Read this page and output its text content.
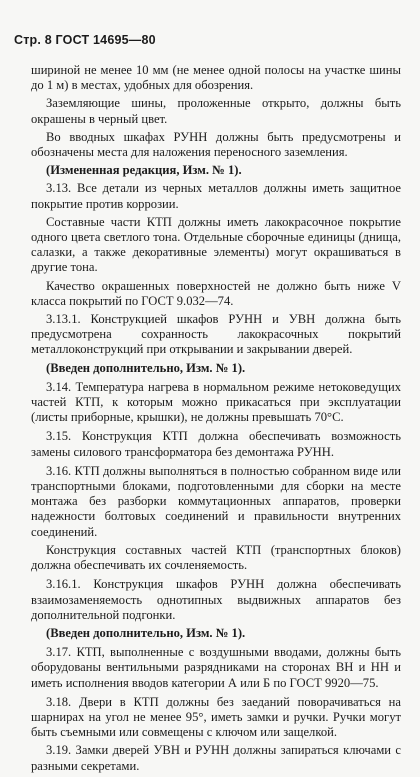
Стр. 8 ГОСТ 14695—80

шириной не менее 10 мм (не менее одной полосы на участке шины до 1 м) в местах, удобных для обозрения.

Заземляющие шины, проложенные открыто, должны быть окрашены в черный цвет.

Во вводных шкафах РУНН должны быть предусмотрены и обозначены места для наложения переносного заземления.

(Измененная редакция, Изм. № 1).

3.13. Все детали из черных металлов должны иметь защитное покрытие против коррозии.

Составные части КТП должны иметь лакокрасочное покрытие одного цвета светлого тона. Отдельные сборочные единицы (днища, салазки, а также декоративные элементы) могут окрашиваться в другие тона.

Качество окрашенных поверхностей не должно быть ниже V класса покрытий по ГОСТ 9.032—74.

3.13.1. Конструкцией шкафов РУНН и УВН должна быть предусмотрена сохранность лакокрасочных покрытий металлоконструкций при открывании и закрывании дверей.

(Введен дополнительно, Изм. № 1).

3.14. Температура нагрева в нормальном режиме нетоковедущих частей КТП, к которым можно прикасаться при эксплуатации (листы приборные, крышки), не должны превышать 70°С.

3.15. Конструкция КТП должна обеспечивать возможность замены силового трансформатора без демонтажа РУНН.

3.16. КТП должны выполняться в полностью собранном виде или транспортными блоками, подготовленными для сборки на месте монтажа без разборки коммутационных аппаратов, проверки надежности болтовых соединений и правильности внутренних соединений.

Конструкция составных частей КТП (транспортных блоков) должна обеспечивать их сочленяемость.

3.16.1. Конструкция шкафов РУНН должна обеспечивать взаимозаменяемость однотипных выдвижных аппаратов без дополнительной подгонки.

(Введен дополнительно, Изм. № 1).

3.17. КТП, выполненные с воздушными вводами, должны быть оборудованы вентильными разрядниками на сторонах ВН и НН и иметь исполнения вводов категории А или Б по ГОСТ 9920—75.

3.18. Двери в КТП должны без заеданий поворачиваться на шарнирах на угол не менее 95°, иметь замки и ручки. Ручки могут быть съемными или совмещены с ключом или защелкой.

3.19. Замки дверей УВН и РУНН должны запираться ключами с разными секретами.
